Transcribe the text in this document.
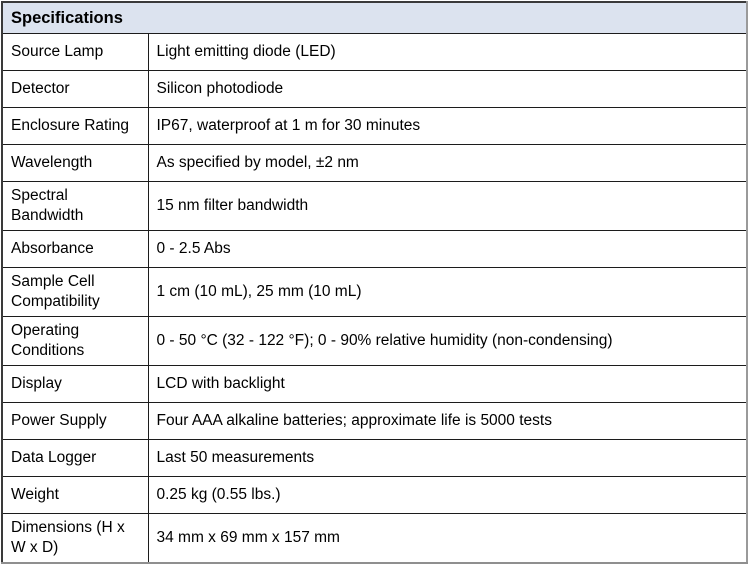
Specifications	
Source Lamp	Light emitting diode (LED)
Detector	Silicon photodiode
Enclosure Rating	IP67, waterproof at 1 m for 30 minutes
Wavelength	As specified by model, ±2 nm
Spectral Bandwidth	15 nm filter bandwidth
Absorbance	0 - 2.5 Abs
Sample Cell Compatibility	1 cm (10 mL), 25 mm (10 mL)
Operating Conditions	0 - 50 °C (32 - 122 °F); 0 - 90% relative humidity (non-condensing)
Display	LCD with backlight
Power Supply	Four AAA alkaline batteries; approximate life is 5000 tests
Data Logger	Last 50 measurements
Weight	0.25 kg (0.55 lbs.)
Dimensions (H x W x D)	34 mm x 69 mm x 157 mm
